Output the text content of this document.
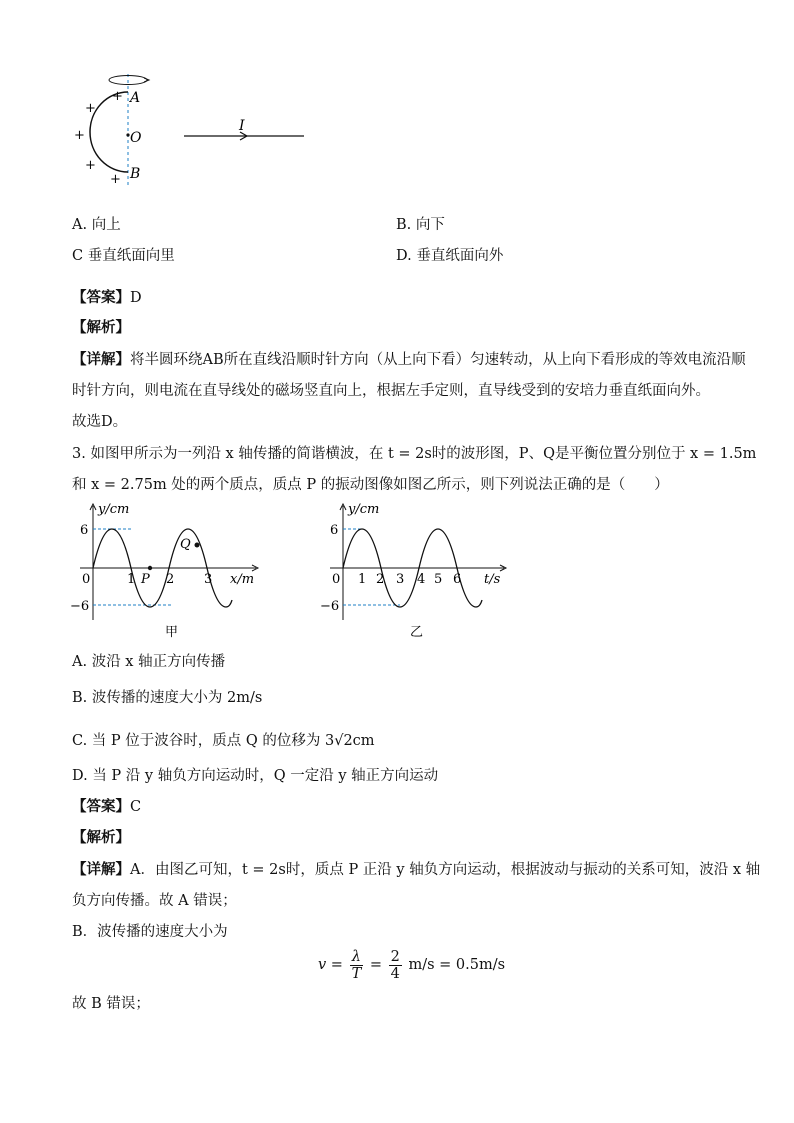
A
O
B
I
+
+
+
+
+
A. 向上	B. 向下
C 垂直纸面向里	D. 垂直纸面向外
【答案】D
【解析】
【详解】将半圆环绕AB所在直线沿顺时针方向（从上向下看）匀速转动，从上向下看形成的等效电流沿顺
时针方向，则电流在直导线处的磁场竖直向上，根据左手定则，直导线受到的安培力垂直纸面向外。
故选D。
3. 如图甲所示为一列沿 x 轴传播的简谐横波，在 t = 2s时的波形图，P、Q是平衡位置分别位于 x = 1.5m
和 x = 2.75m 处的两个质点，质点 P 的振动图像如图乙所示，则下列说法正确的是（　　）
y/cm
x/m
6
−6
0	1 P 2 3
Q
甲
y/cm
t/s
6
−6
0 1 2 3 4 5 6
乙
A. 波沿 x 轴正方向传播
B. 波传播的速度大小为 2m/s
C. 当 P 位于波谷时，质点 Q 的位移为 3√2cm
D. 当 P 沿 y 轴负方向运动时，Q 一定沿 y 轴正方向运动
【答案】C
【解析】
【详解】A．由图乙可知，t = 2s时，质点 P 正沿 y 轴负方向运动，根据波动与振动的关系可知，波沿 x 轴
负方向传播。故 A 错误；
B．波传播的速度大小为
$v = \frac{\lambda}{T} = \frac{2}{4} m/s = 0.5m/s$
故 B 错误；
